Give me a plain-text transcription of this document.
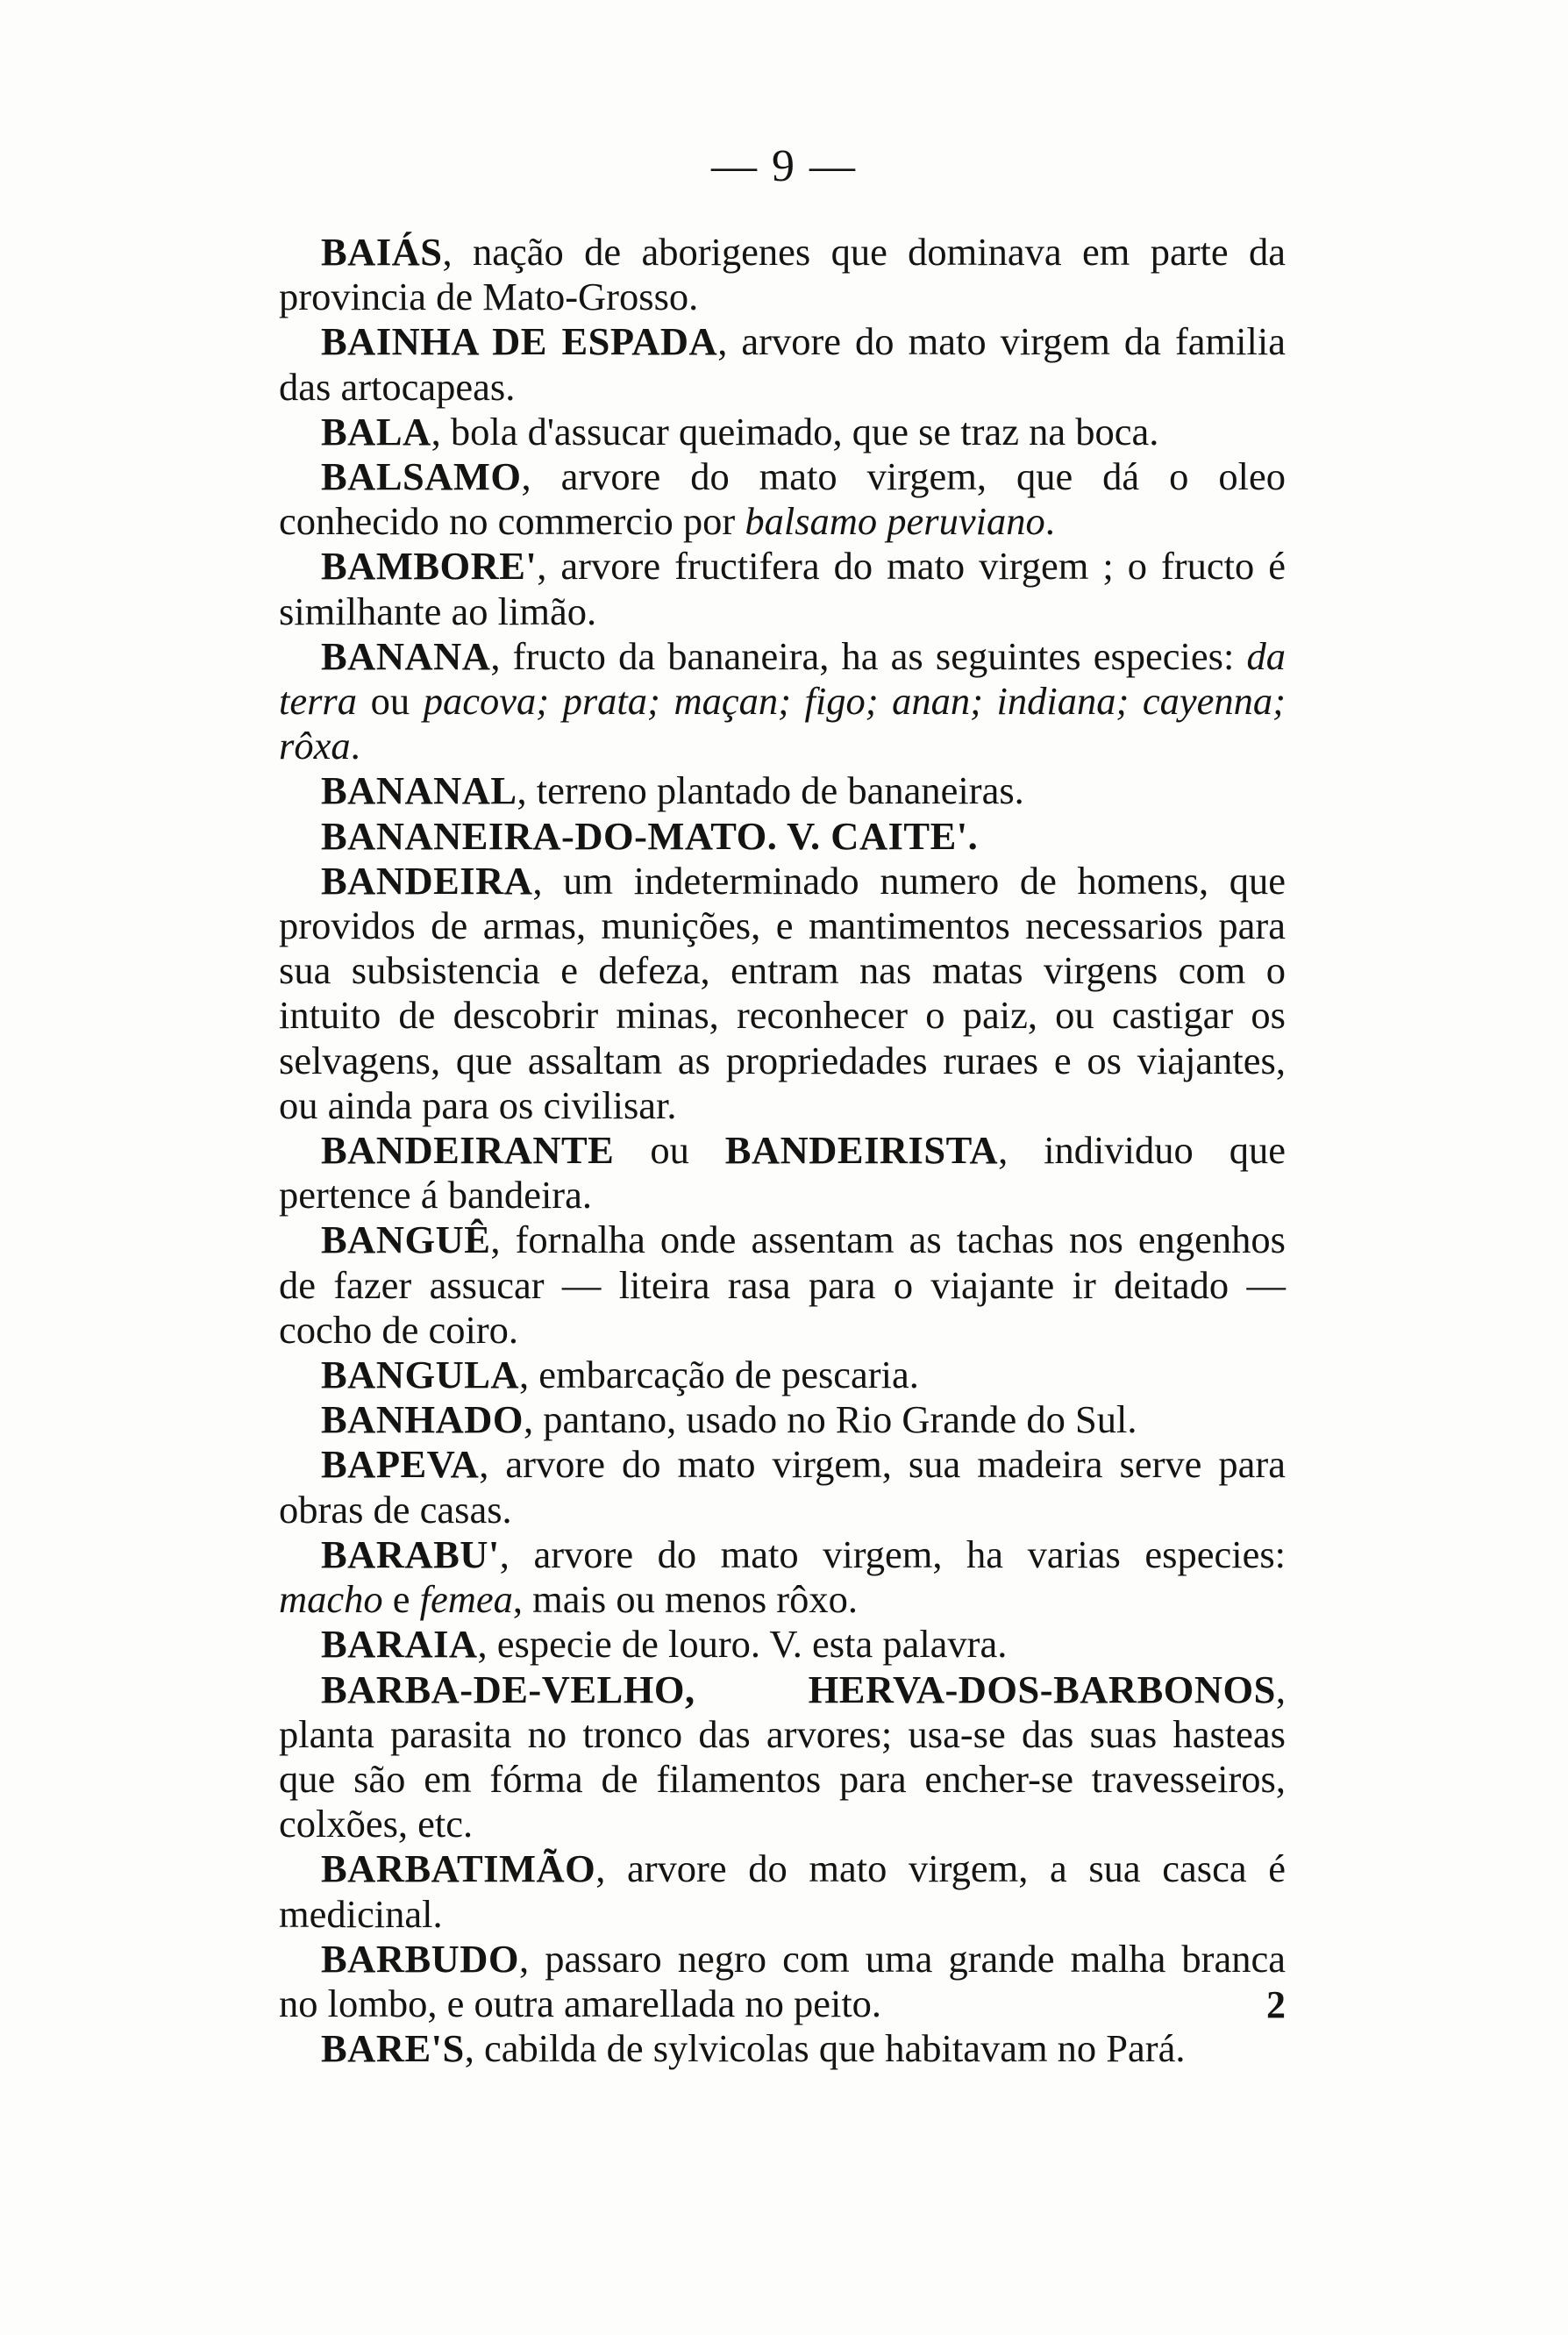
— 9 —

BAIÁS, nação de aborigenes que dominava em parte da provincia de Mato-Grosso.

BAINHA DE ESPADA, arvore do mato virgem da familia das artocapeas.

BALA, bola d'assucar queimado, que se traz na boca.

BALSAMO, arvore do mato virgem, que dá o oleo conhecido no commercio por balsamo peruviano.

BAMBORE', arvore fructifera do mato virgem ; o fructo é similhante ao limão.

BANANA, fructo da bananeira, ha as seguintes especies: da terra ou pacova; prata; maçan; figo; anan; indiana; cayenna; rôxa.

BANANAL, terreno plantado de bananeiras.

BANANEIRA-DO-MATO. V. CAITE'.

BANDEIRA, um indeterminado numero de homens, que providos de armas, munições, e mantimentos necessarios para sua subsistencia e defeza, entram nas matas virgens com o intuito de descobrir minas, reconhecer o paiz, ou castigar os selvagens, que assaltam as propriedades ruraes e os viajantes, ou ainda para os civilisar.

BANDEIRANTE ou BANDEIRISTA, individuo que pertence á bandeira.

BANGUÊ, fornalha onde assentam as tachas nos engenhos de fazer assucar — liteira rasa para o viajante ir deitado — cocho de coiro.

BANGULA, embarcação de pescaria.

BANHADO, pantano, usado no Rio Grande do Sul.

BAPEVA, arvore do mato virgem, sua madeira serve para obras de casas.

BARABU', arvore do mato virgem, ha varias especies: macho e femea, mais ou menos rôxo.

BARAIA, especie de louro. V. esta palavra.

BARBA-DE-VELHO, HERVA-DOS-BARBONOS, planta parasita no tronco das arvores; usa-se das suas hasteas que são em fórma de filamentos para encher-se travesseiros, colxões, etc.

BARBATIMÃO, arvore do mato virgem, a sua casca é medicinal.

BARBUDO, passaro negro com uma grande malha branca no lombo, e outra amarellada no peito.

BARE'S, cabilda de sylvicolas que habitavam no Pará.

2
